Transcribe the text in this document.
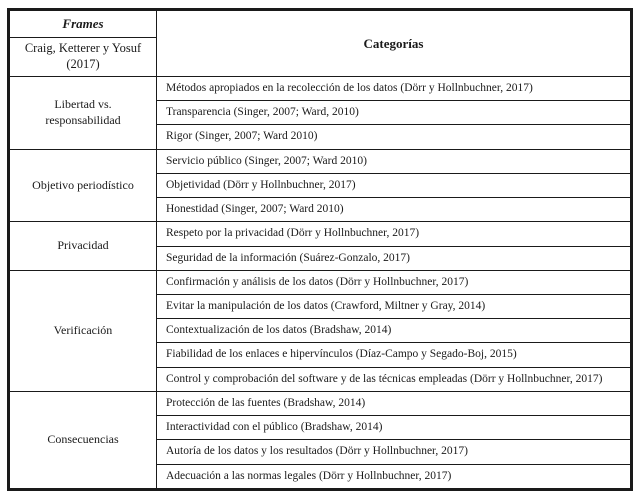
Frames	Categorías
Craig, Ketterer y Yosuf (2017)	
Libertad vs. responsabilidad	Métodos apropiados en la recolección de los datos (Dörr y Hollnbuchner, 2017)
	Transparencia (Singer, 2007; Ward, 2010)
	Rigor (Singer, 2007; Ward 2010)
Objetivo periodístico	Servicio público (Singer, 2007; Ward 2010)
	Objetividad (Dörr y Hollnbuchner, 2017)
	Honestidad (Singer, 2007; Ward 2010)
Privacidad	Respeto por la privacidad (Dörr y Hollnbuchner, 2017)
	Seguridad de la información (Suárez-Gonzalo, 2017)
Verificación	Confirmación y análisis de los datos (Dörr y Hollnbuchner, 2017)
	Evitar la manipulación de los datos (Crawford, Miltner y Gray, 2014)
	Contextualización de los datos (Bradshaw, 2014)
	Fiabilidad de los enlaces e hipervínculos (Díaz-Campo y Segado-Boj, 2015)
	Control y comprobación del software y de las técnicas empleadas (Dörr y Hollnbuchner, 2017)
Consecuencias	Protección de las fuentes (Bradshaw, 2014)
	Interactividad con el público (Bradshaw, 2014)
	Autoría de los datos y los resultados (Dörr y Hollnbuchner, 2017)
	Adecuación a las normas legales (Dörr y Hollnbuchner, 2017)
